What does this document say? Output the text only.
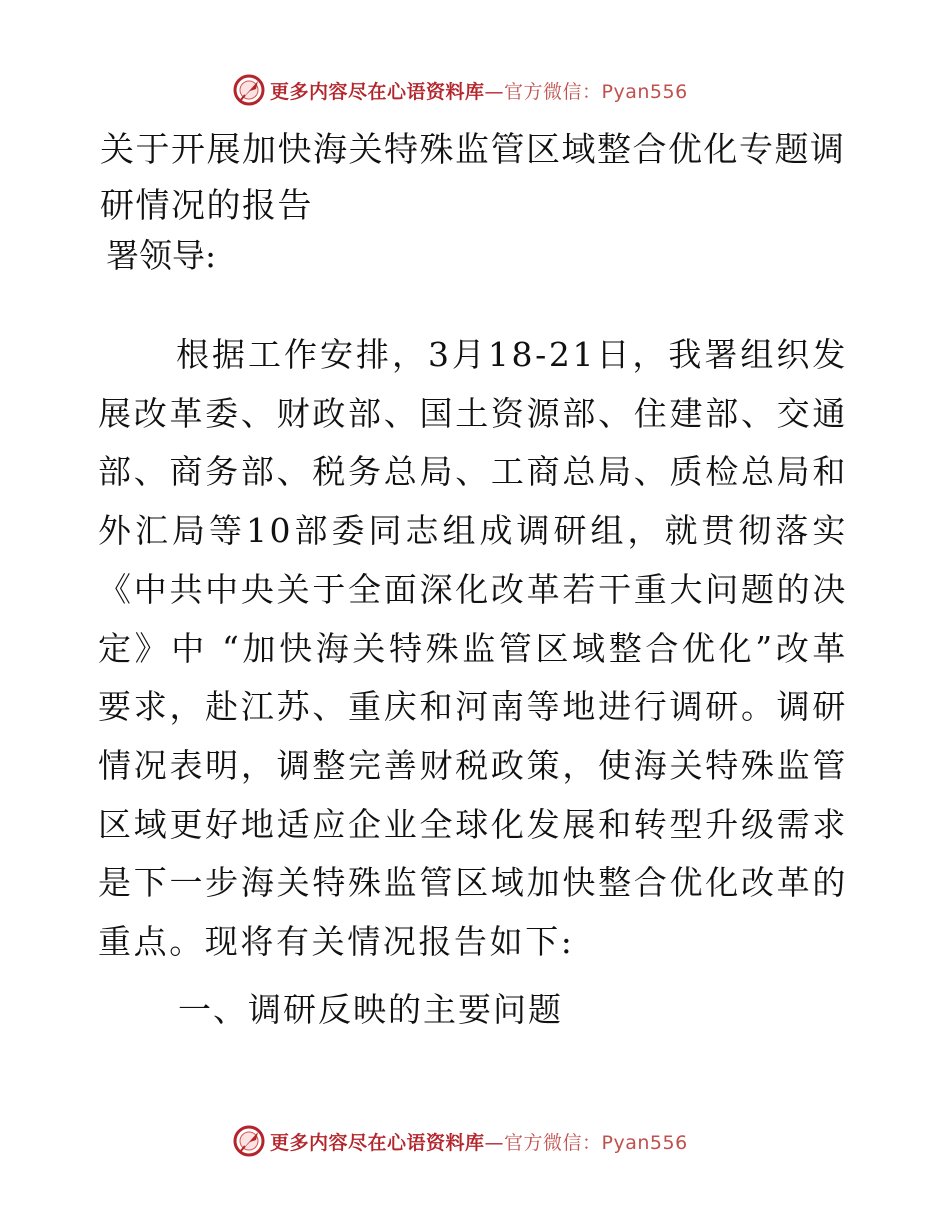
更多内容尽在心语资料库—官方微信：Pyan556
关于开展加快海关特殊监管区域整合优化专题调研情况的报告

署领导:

根据工作安排，3月18-21日，我署组织发展改革委、财政部、国土资源部、住建部、交通部、商务部、税务总局、工商总局、质检总局和外汇局等10部委同志组成调研组，就贯彻落实《中共中央关于全面深化改革若干重大问题的决定》中 “加快海关特殊监管区域整合优化”改革要求，赴江苏、重庆和河南等地进行调研。调研情况表明，调整完善财税政策，使海关特殊监管区域更好地适应企业全球化发展和转型升级需求是下一步海关特殊监管区域加快整合优化改革的重点。现将有关情况报告如下:

一、调研反映的主要问题
更多内容尽在心语资料库—官方微信：Pyan556
